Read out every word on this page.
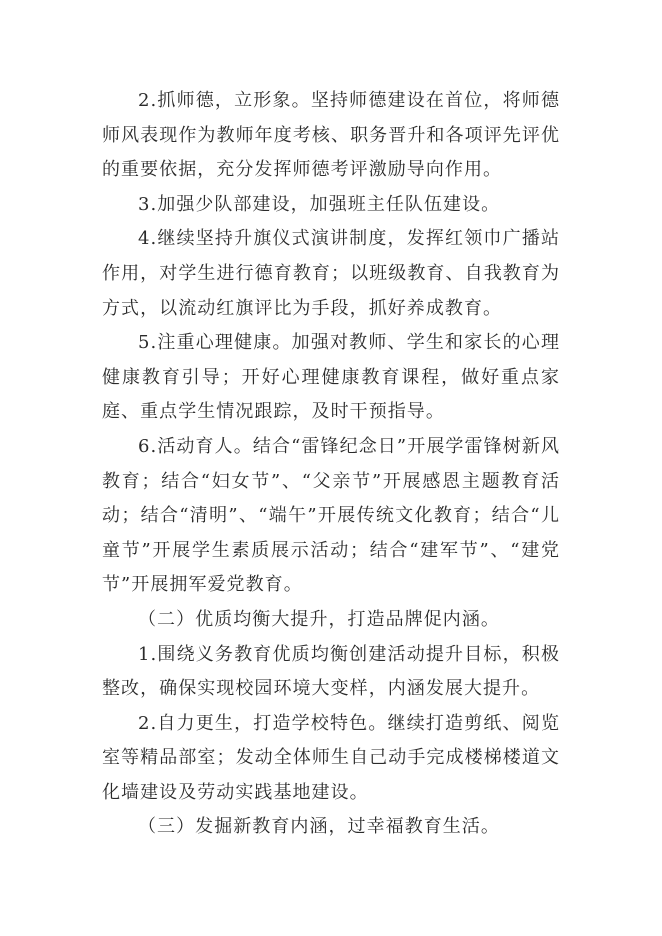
2.抓师德，立形象。坚持师德建设在首位，将师德师风表现作为教师年度考核、职务晋升和各项评先评优的重要依据，充分发挥师德考评激励导向作用。

3.加强少队部建设，加强班主任队伍建设。

4.继续坚持升旗仪式演讲制度，发挥红领巾广播站作用，对学生进行德育教育；以班级教育、自我教育为方式，以流动红旗评比为手段，抓好养成教育。

5.注重心理健康。加强对教师、学生和家长的心理健康教育引导；开好心理健康教育课程，做好重点家庭、重点学生情况跟踪，及时干预指导。

6.活动育人。结合“雷锋纪念日”开展学雷锋树新风教育；结合“妇女节”、“父亲节”开展感恩主题教育活动；结合“清明”、“端午”开展传统文化教育；结合“儿童节”开展学生素质展示活动；结合“建军节”、“建党节”开展拥军爱党教育。

（二）优质均衡大提升，打造品牌促内涵。

1.围绕义务教育优质均衡创建活动提升目标，积极整改，确保实现校园环境大变样，内涵发展大提升。

2.自力更生，打造学校特色。继续打造剪纸、阅览室等精品部室；发动全体师生自己动手完成楼梯楼道文化墙建设及劳动实践基地建设。

（三）发掘新教育内涵，过幸福教育生活。
